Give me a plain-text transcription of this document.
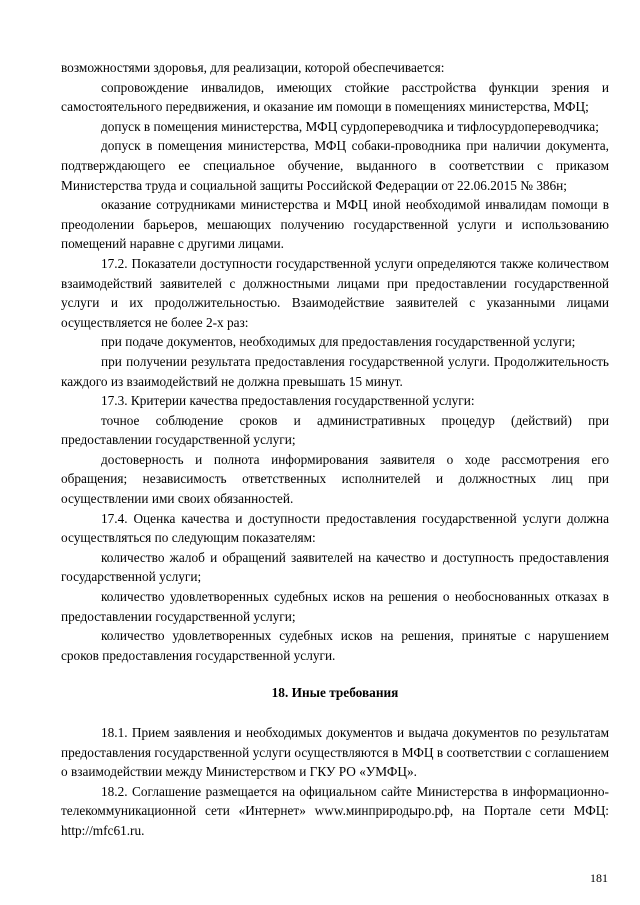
возможностями здоровья, для реализации, которой обеспечивается:

сопровождение инвалидов, имеющих стойкие расстройства функции зрения и самостоятельного передвижения, и оказание им помощи в помещениях министерства, МФЦ;

допуск в помещения министерства, МФЦ сурдопереводчика и тифлосурдопереводчика;

допуск в помещения министерства, МФЦ собаки-проводника при наличии документа, подтверждающего ее специальное обучение, выданного в соответствии с приказом Министерства труда и социальной защиты Российской Федерации от 22.06.2015 № 386н;

оказание сотрудниками министерства и МФЦ иной необходимой инвалидам помощи в преодолении барьеров, мешающих получению государственной услуги и использованию помещений наравне с другими лицами.

17.2. Показатели доступности государственной услуги определяются также количеством взаимодействий заявителей с должностными лицами при предоставлении государственной услуги и их продолжительностью. Взаимодействие заявителей с указанными лицами осуществляется не более 2-х раз:

при подаче документов, необходимых для предоставления государственной услуги;

при получении результата предоставления государственной услуги. Продолжительность каждого из взаимодействий не должна превышать 15 минут.

17.3. Критерии качества предоставления государственной услуги:

точное соблюдение сроков и административных процедур (действий) при предоставлении государственной услуги;

достоверность и полнота информирования заявителя о ходе рассмотрения его обращения; независимость ответственных исполнителей и должностных лиц при осуществлении ими своих обязанностей.

17.4. Оценка качества и доступности предоставления государственной услуги должна осуществляться по следующим показателям:

количество жалоб и обращений заявителей на качество и доступность предоставления государственной услуги;

количество удовлетворенных судебных исков на решения о необоснованных отказах в предоставлении государственной услуги;

количество удовлетворенных судебных исков на решения, принятые с нарушением сроков предоставления государственной услуги.

18. Иные требования

18.1. Прием заявления и необходимых документов и выдача документов по результатам предоставления государственной услуги осуществляются в МФЦ в соответствии с соглашением о взаимодействии между Министерством и ГКУ РО «УМФЦ».

18.2. Соглашение размещается на официальном сайте Министерства в информационно-телекоммуникационной сети «Интернет» www.минприродыро.рф, на Портале сети МФЦ: http://mfc61.ru.

181
